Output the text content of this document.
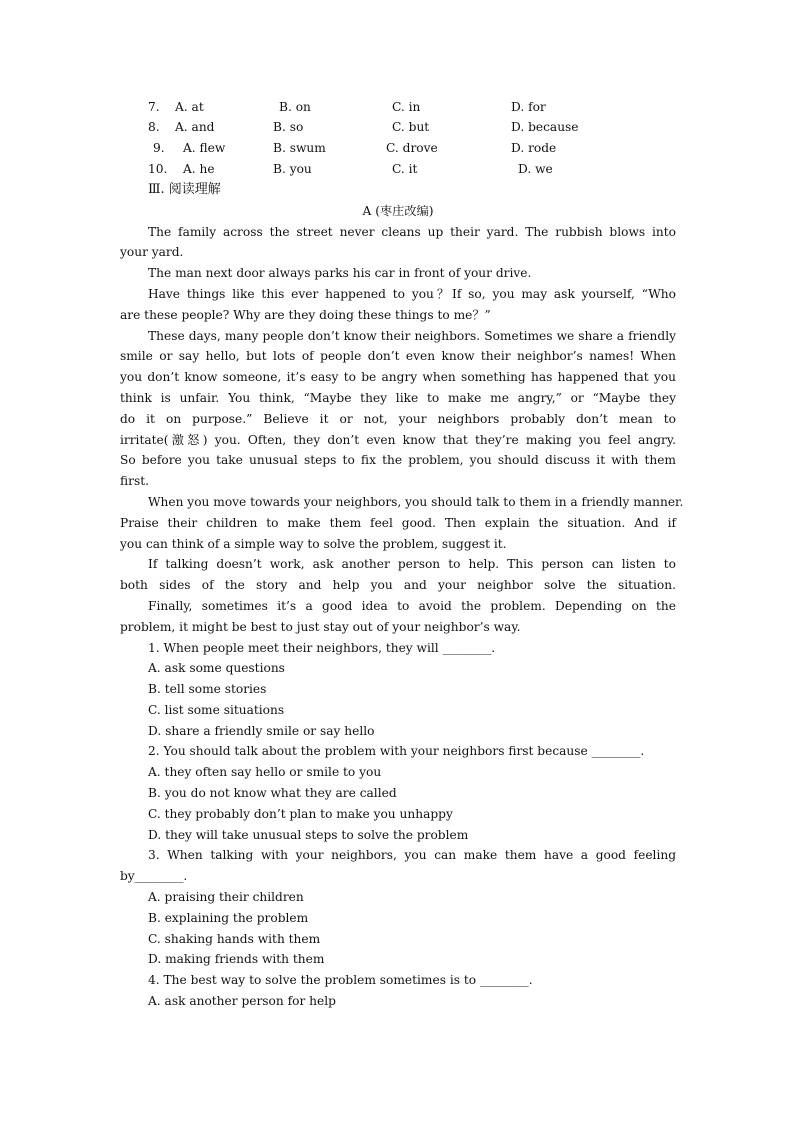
7. A. at	B. on	C. in	D. for
8. A. and	B. so	C. but	D. because
9. A. flew	B. swum	C. drove	D. rode
10. A. he	B. you	C. it	D. we
Ⅲ. 阅读理解
A (枣庄改编)
The family across the street never cleans up their yard. The rubbish blows into
your yard.
The man next door always parks his car in front of your drive.
Have things like this ever happened to you？If so, you may ask yourself, “Who
are these people? Why are they doing these things to me？”
These days, many people don’t know their neighbors. Sometimes we share a friendly
smile or say hello, but lots of people don’t even know their neighbor’s names! When
you don’t know someone, it’s easy to be angry when something has happened that you
think is unfair. You think, “Maybe they like to make me angry,” or “Maybe they
do it on purpose.” Believe it or not, your neighbors probably don’t mean to
irritate(激怒) you. Often, they don’t even know that they’re making you feel angry.
So before you take unusual steps to fix the problem, you should discuss it with them
first.
When you move towards your neighbors, you should talk to them in a friendly manner.
Praise their children to make them feel good. Then explain the situation. And if
you can think of a simple way to solve the problem, suggest it.
If talking doesn’t work, ask another person to help. This person can listen to
both sides of the story and help you and your neighbor solve the situation.
Finally, sometimes it’s a good idea to avoid the problem. Depending on the
problem, it might be best to just stay out of your neighbor’s way.
1. When people meet their neighbors, they will ________.
A. ask some questions
B. tell some stories
C. list some situations
D. share a friendly smile or say hello
2. You should talk about the problem with your neighbors first because ________.
A. they often say hello or smile to you
B. you do not know what they are called
C. they probably don’t plan to make you unhappy
D. they will take unusual steps to solve the problem
3. When talking with your neighbors, you can make them have a good feeling
by________.
A. praising their children
B. explaining the problem
C. shaking hands with them
D. making friends with them
4. The best way to solve the problem sometimes is to ________.
A. ask another person for help
